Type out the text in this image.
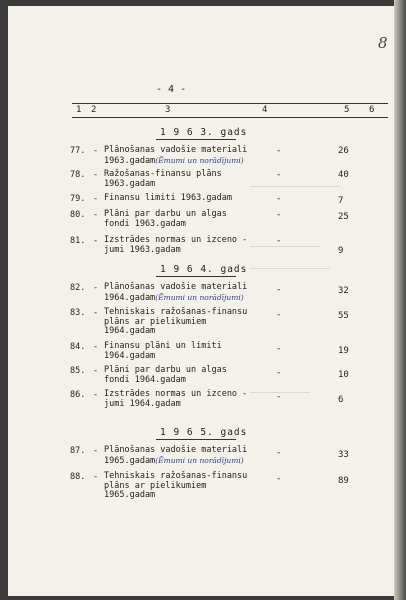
8
- 4 -
1 2	3	4	5 6
1 9 6 3. gads
77. - Plānošanas vadošie materiali
1963.gadam(Ēmumi un norādījumi)
-	26
78. - Ražošanas-finansu plāns
1963.gadam
-	40
79. - Finansu limiti 1963.gadam	-	7
80. - Plāni par darbu un algas
fondi 1963.gadam
-	25
81. - Izstrādes normas un izceno -
jumi 1963.gadam
-
9
1 9 6 4. gads
82. - Plānošanas vadošie materiali
1964.gadam(Ēmumi un norādījumi)
-	32
83. - Tehniskais ražošanas-finansu
plāns ar pielikumiem
1964.gadam
-	55
84. - Finansu plāni un limiti
1964.gadam
-	19
85. - Plāni par darbu un algas
fondi 1964.gadam
-	10
86. - Izstrādes normas un izceno -
jumi 1964.gadam
-	6
1 9 6 5. gads
87. - Plānošanas vadošie materiali
1965.gadam(Ēmumi un norādījumi)
-	33
88. - Tehniskais ražošanas-finansu
plāns ar pielikumiem
1965.gadam
-	89
